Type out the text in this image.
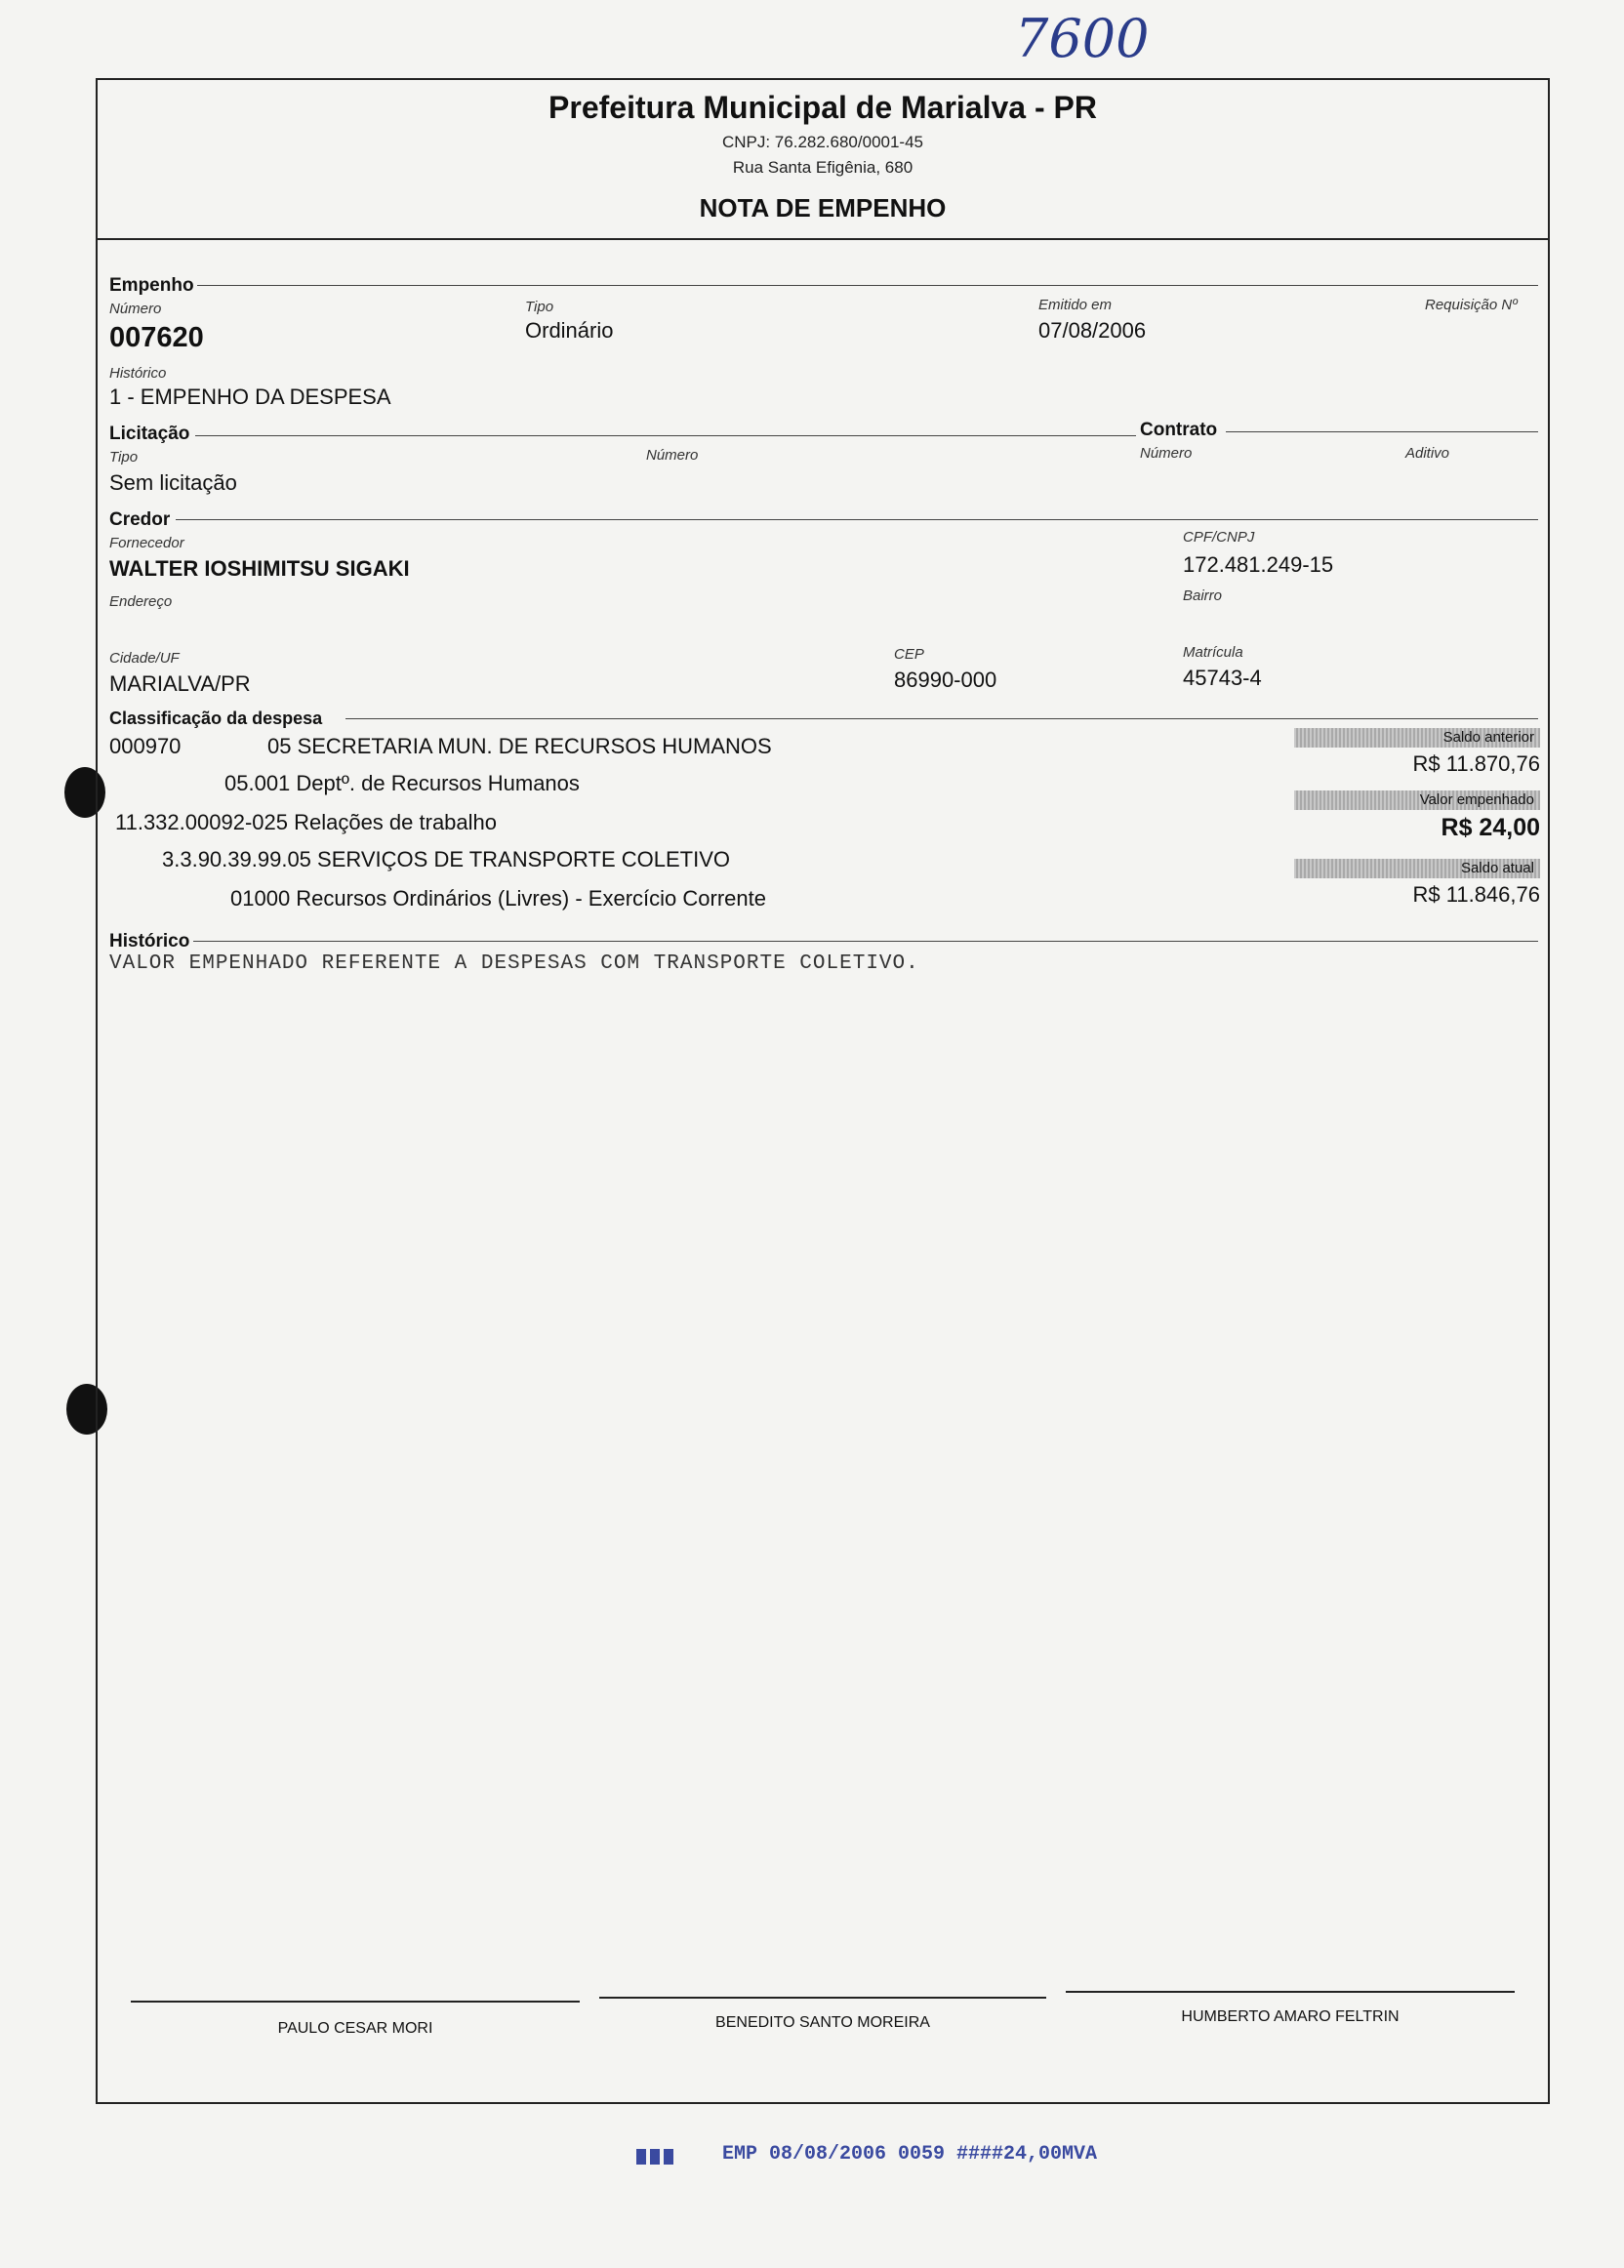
7600
Prefeitura Municipal de Marialva - PR
CNPJ: 76.282.680/0001-45
Rua Santa Efigênia, 680
NOTA DE EMPENHO
Empenho
Número
007620
Tipo
Ordinário
Emitido em
07/08/2006
Requisição Nº
Histórico
1 - EMPENHO DA DESPESA
Licitação	Contrato
Tipo
Sem licitação
Número	Número	Aditivo
Credor
Fornecedor
WALTER IOSHIMITSU SIGAKI
CPF/CNPJ
172.481.249-15
Endereço	Bairro
Cidade/UF
MARIALVA/PR
CEP
86990-000
Matrícula
45743-4
Classificação da despesa
000970	05 SECRETARIA MUN. DE RECURSOS HUMANOS
05.001 Deptº. de Recursos Humanos
11.332.00092-025 Relações de trabalho
3.3.90.39.99.05 SERVIÇOS DE TRANSPORTE COLETIVO
01000 Recursos Ordinários (Livres) - Exercício Corrente
Saldo anterior
R$ 11.870,76
Valor empenhado
R$ 24,00
Saldo atual
R$ 11.846,76
Histórico
VALOR EMPENHADO REFERENTE A DESPESAS COM TRANSPORTE COLETIVO.
PAULO CESAR MORI	BENEDITO SANTO MOREIRA	HUMBERTO AMARO FELTRIN
EMP 08/08/2006 0059 ####24,00MVA
